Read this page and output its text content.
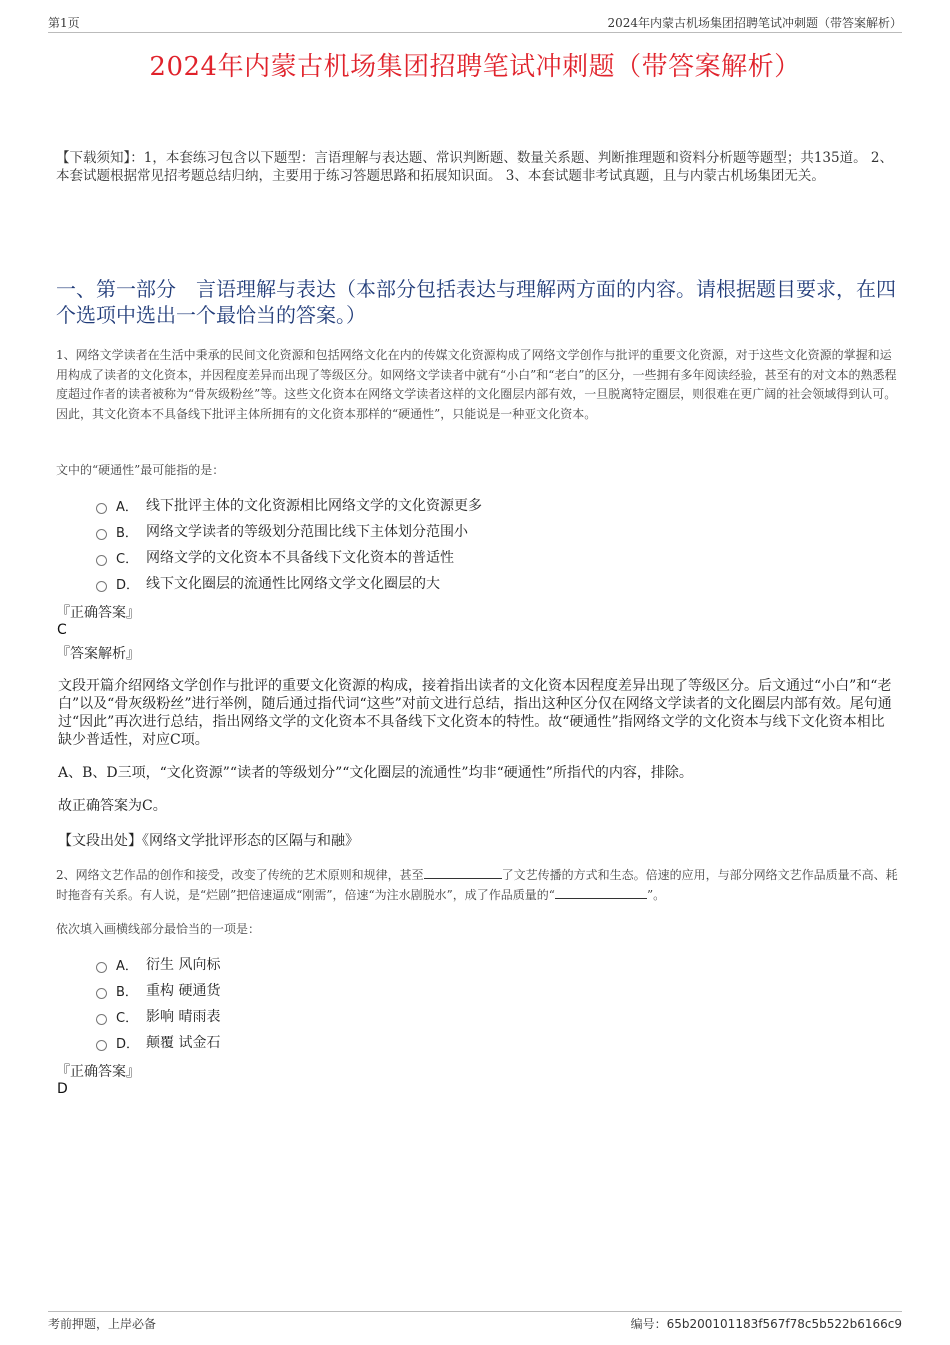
第1页	2024年内蒙古机场集团招聘笔试冲刺题（带答案解析）
2024年内蒙古机场集团招聘笔试冲刺题（带答案解析）
【下载须知】：1，本套练习包含以下题型：言语理解与表达题、常识判断题、数量关系题、判断推理题和资料分析题等题型；共135道。 2、本套试题根据常见招考题总结归纳，主要用于练习答题思路和拓展知识面。 3、本套试题非考试真题，且与内蒙古机场集团无关。
一、第一部分　言语理解与表达（本部分包括表达与理解两方面的内容。请根据题目要求，在四个选项中选出一个最恰当的答案。）
1、网络文学读者在生活中秉承的民间文化资源和包括网络文化在内的传媒文化资源构成了网络文学创作与批评的重要文化资源，对于这些文化资源的掌握和运用构成了读者的文化资本，并因程度差异而出现了等级区分。如网络文学读者中就有“小白”和“老白”的区分，一些拥有多年阅读经验，甚至有的对文本的熟悉程度超过作者的读者被称为“骨灰级粉丝”等。这些文化资本在网络文学读者这样的文化圈层内部有效，一旦脱离特定圈层，则很难在更广阔的社会领域得到认可。因此，其文化资本不具备线下批评主体所拥有的文化资本那样的“硬通性”，只能说是一种亚文化资本。
文中的“硬通性”最可能指的是：
A． 线下批评主体的文化资源相比网络文学的文化资源更多
B． 网络文学读者的等级划分范围比线下主体划分范围小
C． 网络文学的文化资本不具备线下文化资本的普适性
D． 线下文化圈层的流通性比网络文学文化圈层的大
『正确答案』
C
『答案解析』
文段开篇介绍网络文学创作与批评的重要文化资源的构成，接着指出读者的文化资本因程度差异出现了等级区分。后文通过“小白”和“老白”以及“骨灰级粉丝”进行举例，随后通过指代词“这些”对前文进行总结，指出这种区分仅在网络文学读者的文化圈层内部有效。尾句通过“因此”再次进行总结，指出网络文学的文化资本不具备线下文化资本的特性。故“硬通性”指网络文学的文化资本与线下文化资本相比缺少普适性，对应C项。
A、B、D三项，“文化资源”“读者的等级划分”“文化圈层的流通性”均非“硬通性”所指代的内容，排除。
故正确答案为C。
【文段出处】《网络文学批评形态的区隔与和融》
2、网络文艺作品的创作和接受，改变了传统的艺术原则和规律，甚至	了文艺传播的方式和生态。倍速的应用，与部分网络文艺作品质量不高、耗时拖沓有关系。有人说，是“烂剧”把倍速逼成“刚需”，倍速“为注水剧脱水”，成了作品质量的“	”。
依次填入画横线部分最恰当的一项是：
A． 衍生 风向标
B． 重构 硬通货
C． 影响 晴雨表
D． 颠覆 试金石
『正确答案』
D
考前押题，上岸必备	编号：65b200101183f567f78c5b522b6166c9
